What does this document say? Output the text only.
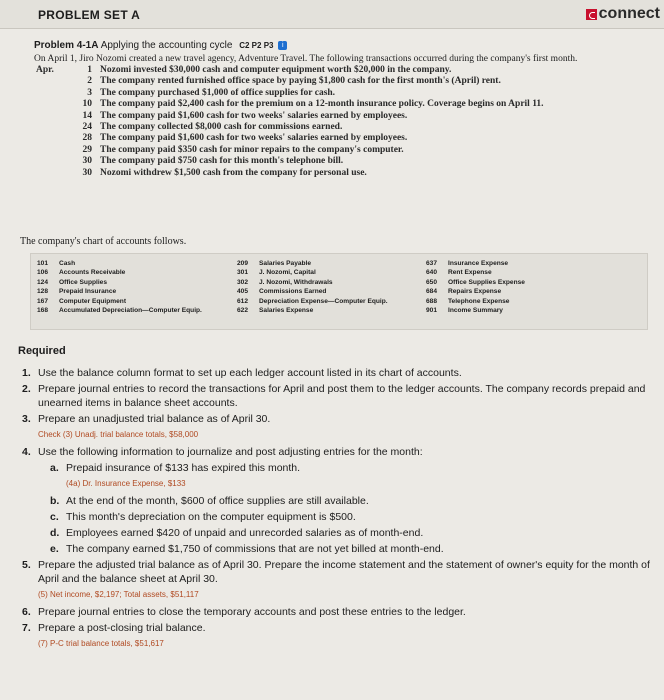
PROBLEM SET A	connect
Problem 4-1A Applying the accounting cycle C2 P2 P3 i
On April 1, Jiro Nozomi created a new travel agency, Adventure Travel. The following transactions occurred during the company's first month.
Apr.	1 Nozomi invested $30,000 cash and computer equipment worth $20,000 in the company.
2 The company rented furnished office space by paying $1,800 cash for the first month's (April) rent.
3 The company purchased $1,000 of office supplies for cash.
10 The company paid $2,400 cash for the premium on a 12-month insurance policy. Coverage begins on April 11.
14 The company paid $1,600 cash for two weeks' salaries earned by employees.
24 The company collected $8,000 cash for commissions earned.
28 The company paid $1,600 cash for two weeks' salaries earned by employees.
29 The company paid $350 cash for minor repairs to the company's computer.
30 The company paid $750 cash for this month's telephone bill.
30 Nozomi withdrew $1,500 cash from the company for personal use.
The company's chart of accounts follows.
101 Cash
106 Accounts Receivable
124 Office Supplies
128 Prepaid Insurance
167 Computer Equipment
168 Accumulated Depreciation—Computer Equip.
209 Salaries Payable
301 J. Nozomi, Capital
302 J. Nozomi, Withdrawals
405 Commissions Earned
612 Depreciation Expense—Computer Equip.
622 Salaries Expense
637 Insurance Expense
640 Rent Expense
650 Office Supplies Expense
684 Repairs Expense
688 Telephone Expense
901 Income Summary
Required
1. Use the balance column format to set up each ledger account listed in its chart of accounts.
2. Prepare journal entries to record the transactions for April and post them to the ledger accounts. The company records prepaid and unearned items in balance sheet accounts.
3. Prepare an unadjusted trial balance as of April 30.
Check (3) Unadj. trial balance totals, $58,000
4. Use the following information to journalize and post adjusting entries for the month:
a. Prepaid insurance of $133 has expired this month.
(4a) Dr. Insurance Expense, $133
b. At the end of the month, $600 of office supplies are still available.
c. This month's depreciation on the computer equipment is $500.
d. Employees earned $420 of unpaid and unrecorded salaries as of month-end.
e. The company earned $1,750 of commissions that are not yet billed at month-end.
5. Prepare the adjusted trial balance as of April 30. Prepare the income statement and the statement of owner's equity for the month of April and the balance sheet at April 30.
(5) Net income, $2,197; Total assets, $51,117
6. Prepare journal entries to close the temporary accounts and post these entries to the ledger.
7. Prepare a post-closing trial balance.
(7) P-C trial balance totals, $51,617
